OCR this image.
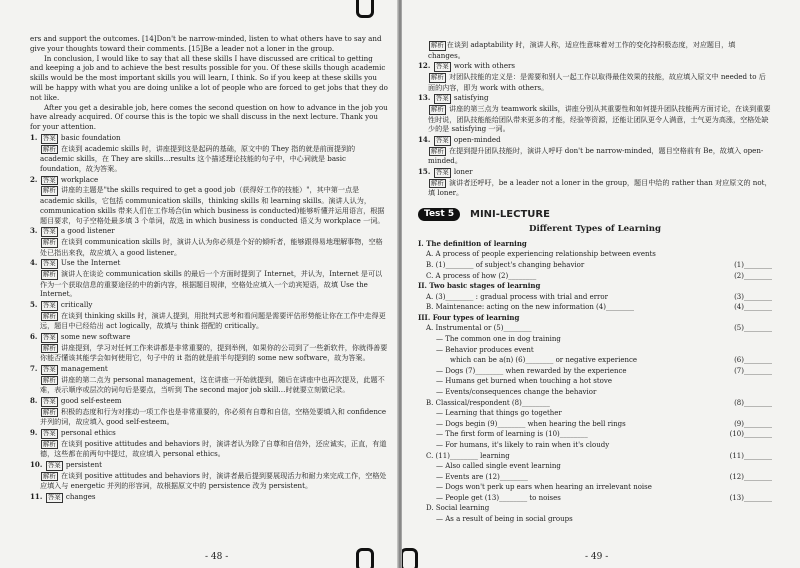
ers and support the outcomes. [14]Don't be narrow-minded, listen to what others have to say and give your thoughts toward their comments. [15]Be a leader not a loner in the group.

In conclusion, I would like to say that all these skills I have discussed are critical to getting and keeping a job and to achieve the best results possible for you. Of these skills though academic skills would be the most important skills you will learn, I think. So if you keep at these skills you will be happy with what you are doing unlike a lot of people who are forced to get jobs that they do not like.

After you get a desirable job, here comes the second question on how to advance in the job you have already acquired. Of course this is the topic we shall discuss in the next lecture. Thank you for your attention.

1. 答案 basic foundation

解析 在谈到 academic skills 时，讲座提到这是起码的基础，原文中的 They 指的就是前面提到的 academic skills，在 They are skills…results 这个描述理论技能的句子中，中心词就是 basic foundation，故为答案。

2. 答案 workplace

解析 讲座的主题是"the skills required to get a good job（获得好工作的技能）"，其中第一点是 academic skills，它包括 communication skills，thinking skills 和 learning skills。演讲人认为，communication skills 带来人们在工作场合(in which business is conducted)能够听懂并运用语言，根据题目要求，句子空格处最多填 3 个单词，故选 in which business is conducted 语义为 workplace 一词。

3. 答案 a good listener

解析 在谈到 communication skills 时，演讲人认为你必须是个好的倾听者，能够跟得易地理解事物，空格处已指出来我，故应填入 a good listener。

4. 答案 Use the Internet

解析 演讲人在谈论 communication skills 的最后一个方面时提到了 Internet，并认为，Internet 是可以作为一个获取信息的重要途径的中的新内容，根据题目规律，空格处应填入一个动宾短语，故填 Use the Internet。

5. 答案 critically

解析 在谈到 thinking skills 时，演讲人提到，用批判式思考和看问题是需要评估形势能让你在工作中走得更远，题目中已经给出 act logically，故填与 think 搭配的 critically。

6. 答案 some new software

解析 讲座提到，学习对任何工作来讲都是非常重要的，提到举例，如果你的公司到了一些新软件，你就得善要你能否懂该其能学会如何使用它，句子中的 it 指的就是前半句提到的 some new software，故为答案。

7. 答案 management

解析 讲座的第二点为 personal management，这在讲座一开始就提到，随后在讲座中也再次提及，此题不难，表示顺序或层次的词句后是要点，当听到 The second major job skill…时就要立刻做记录。

8. 答案 good self-esteem

解析 积极的态度和行为对推动一项工作也是非常重要的，你必须有自尊和自信，空格处要填入和 confidence 并列的词，故应填入 good self-esteem。

9. 答案 personal ethics

解析 在谈到 positive attitudes and behaviors 时，演讲者认为除了自尊和自信外，还应诚实，正直，有道德，这些都在前两句中提过，故应填入 personal ethics。

10. 答案 persistent

解析 在谈到 positive attitudes and behaviors 时，演讲者最后提到要展现活力和耐力来完成工作，空格处应填入与 energetic 并列的形容词，故根据原文中的 persistence 改为 persistent。

11. 答案 changes

- 48 -

解析 在谈到 adaptability 时，演讲人称，适应性意味着对工作的变化持积极态度，对应题目，填 changes。

12. 答案 work with others

解析 对团队技能的定义是：是需要和别人一起工作以取得最佳效果的技能，故应填入原文中 needed to 后面的内容，即为 work with others。

13. 答案 satisfying

解析 讲座的第三点为 teamwork skills，讲座分别从其重要性和如何提升团队技能两方面讨论，在谈到重要性时说，团队技能能给团队带来更多的才能，经验等资源，还能让团队更令人满意，士气更为高涨，空格处缺少的是 satisfying 一词。

14. 答案 open-minded

解析 在提到提升团队技能时，演讲人呼吁 don't be narrow-minded，题目空格前有 Be，故填入 open-minded。

15. 答案 loner

解析 演讲者还呼吁，be a leader not a loner in the group，题目中给的 rather than 对应原文的 not，填 loner。

Test 5	MINI-LECTURE
Different Types of Learning
I. The definition of learning
A. A process of people experiencing relationship between events
B. (1)________ of subject's changing behavior	(1)________
C. A process of how (2)________	(2)________
II. Two basic stages of learning
A. (3)________ : gradual process with trial and error	(3)________
B. Maintenance: acting on the new information (4)________	(4)________
III. Four types of learning
A. Instrumental or (5)________	(5)________
— The common one in dog training
— Behavior produces event
which can be a(n) (6)________ or negative experience	(6)________
— Dogs (7)________ when rewarded by the experience	(7)________
— Humans get burned when touching a hot stove
— Events/consequences change the behavior
B. Classical/respondent (8)________	(8)________
— Learning that things go together
— Dogs begin (9)________ when hearing the bell rings	(9)________
— The first form of learning is (10)________	(10)________
— For humans, it's likely to rain when it's cloudy
C. (11)________ learning	(11)________
— Also called single event learning
— Events are (12)________	(12)________
— Dogs won't perk up ears when hearing an irrelevant noise
— People get (13)________ to noises	(13)________
D. Social learning
— As a result of being in social groups
- 49 -
